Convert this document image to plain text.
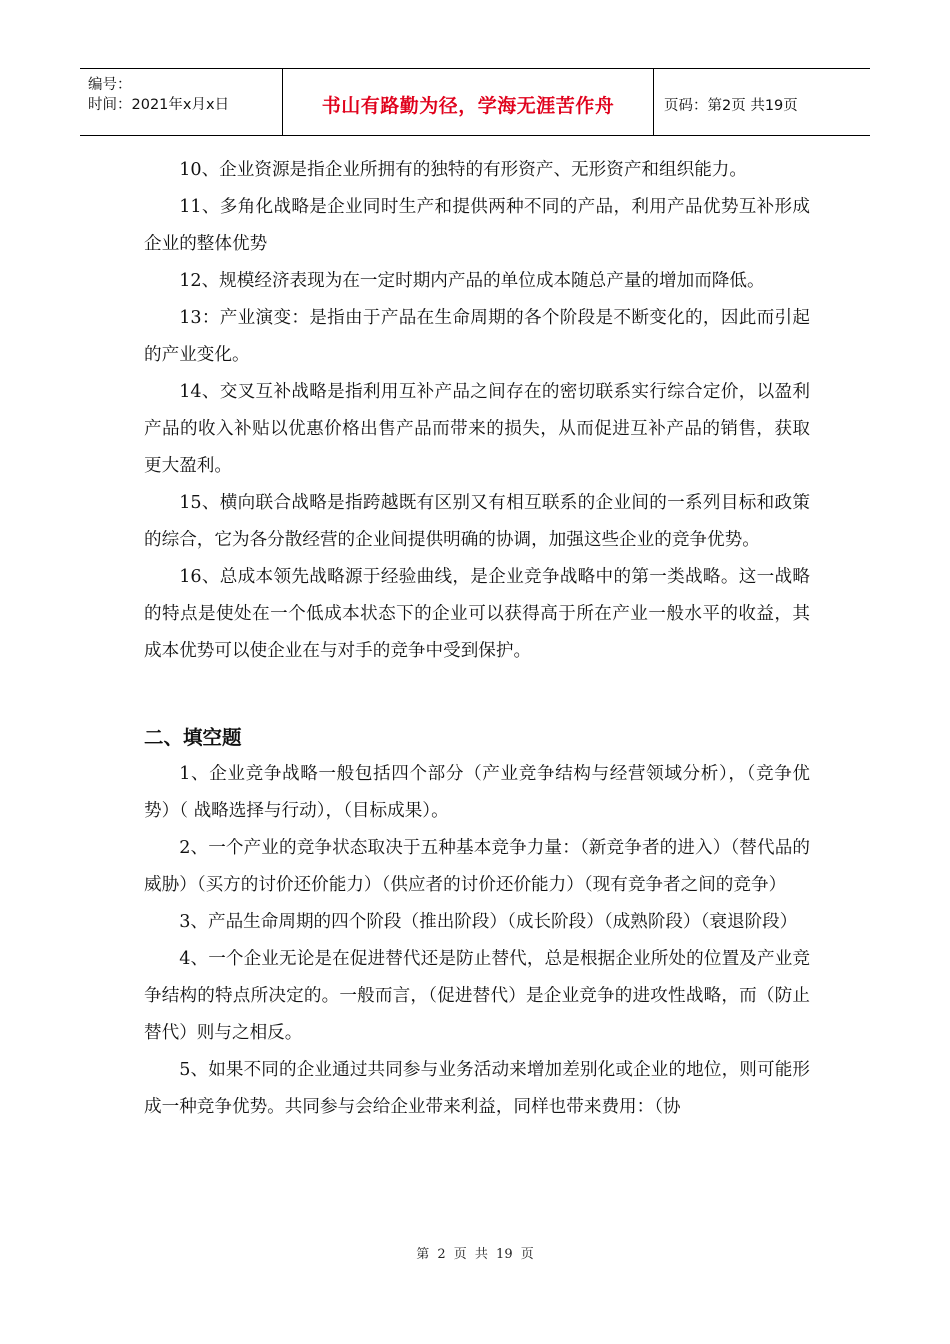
编号：
时间：2021年x月x日	书山有路勤为径，学海无涯苦作舟	页码：第2页 共19页

10、企业资源是指企业所拥有的独特的有形资产、无形资产和组织能力。

11、多角化战略是企业同时生产和提供两种不同的产品，利用产品优势互补形成企业的整体优势

12、规模经济表现为在一定时期内产品的单位成本随总产量的增加而降低。

13：产业演变：是指由于产品在生命周期的各个阶段是不断变化的，因此而引起的产业变化。

14、交叉互补战略是指利用互补产品之间存在的密切联系实行综合定价，以盈利产品的收入补贴以优惠价格出售产品而带来的损失，从而促进互补产品的销售，获取更大盈利。

15、横向联合战略是指跨越既有区别又有相互联系的企业间的一系列目标和政策的综合，它为各分散经营的企业间提供明确的协调，加强这些企业的竞争优势。

16、总成本领先战略源于经验曲线，是企业竞争战略中的第一类战略。这一战略的特点是使处在一个低成本状态下的企业可以获得高于所在产业一般水平的收益，其成本优势可以使企业在与对手的竞争中受到保护。

二、填空题

1、企业竞争战略一般包括四个部分（产业竞争结构与经营领域分析），（竞争优势）（ 战略选择与行动），（目标成果）。

2、一个产业的竞争状态取决于五种基本竞争力量：（新竞争者的进入）（替代品的威胁）（买方的讨价还价能力）（供应者的讨价还价能力）（现有竞争者之间的竞争）

3、产品生命周期的四个阶段（推出阶段）（成长阶段）（成熟阶段）（衰退阶段）

4、一个企业无论是在促进替代还是防止替代，总是根据企业所处的位置及产业竞争结构的特点所决定的。一般而言，（促进替代）是企业竞争的进攻性战略，而（防止替代）则与之相反。

5、如果不同的企业通过共同参与业务活动来增加差别化或企业的地位，则可能形成一种竞争优势。共同参与会给企业带来利益，同样也带来费用：（协

第 2 页 共 19 页
